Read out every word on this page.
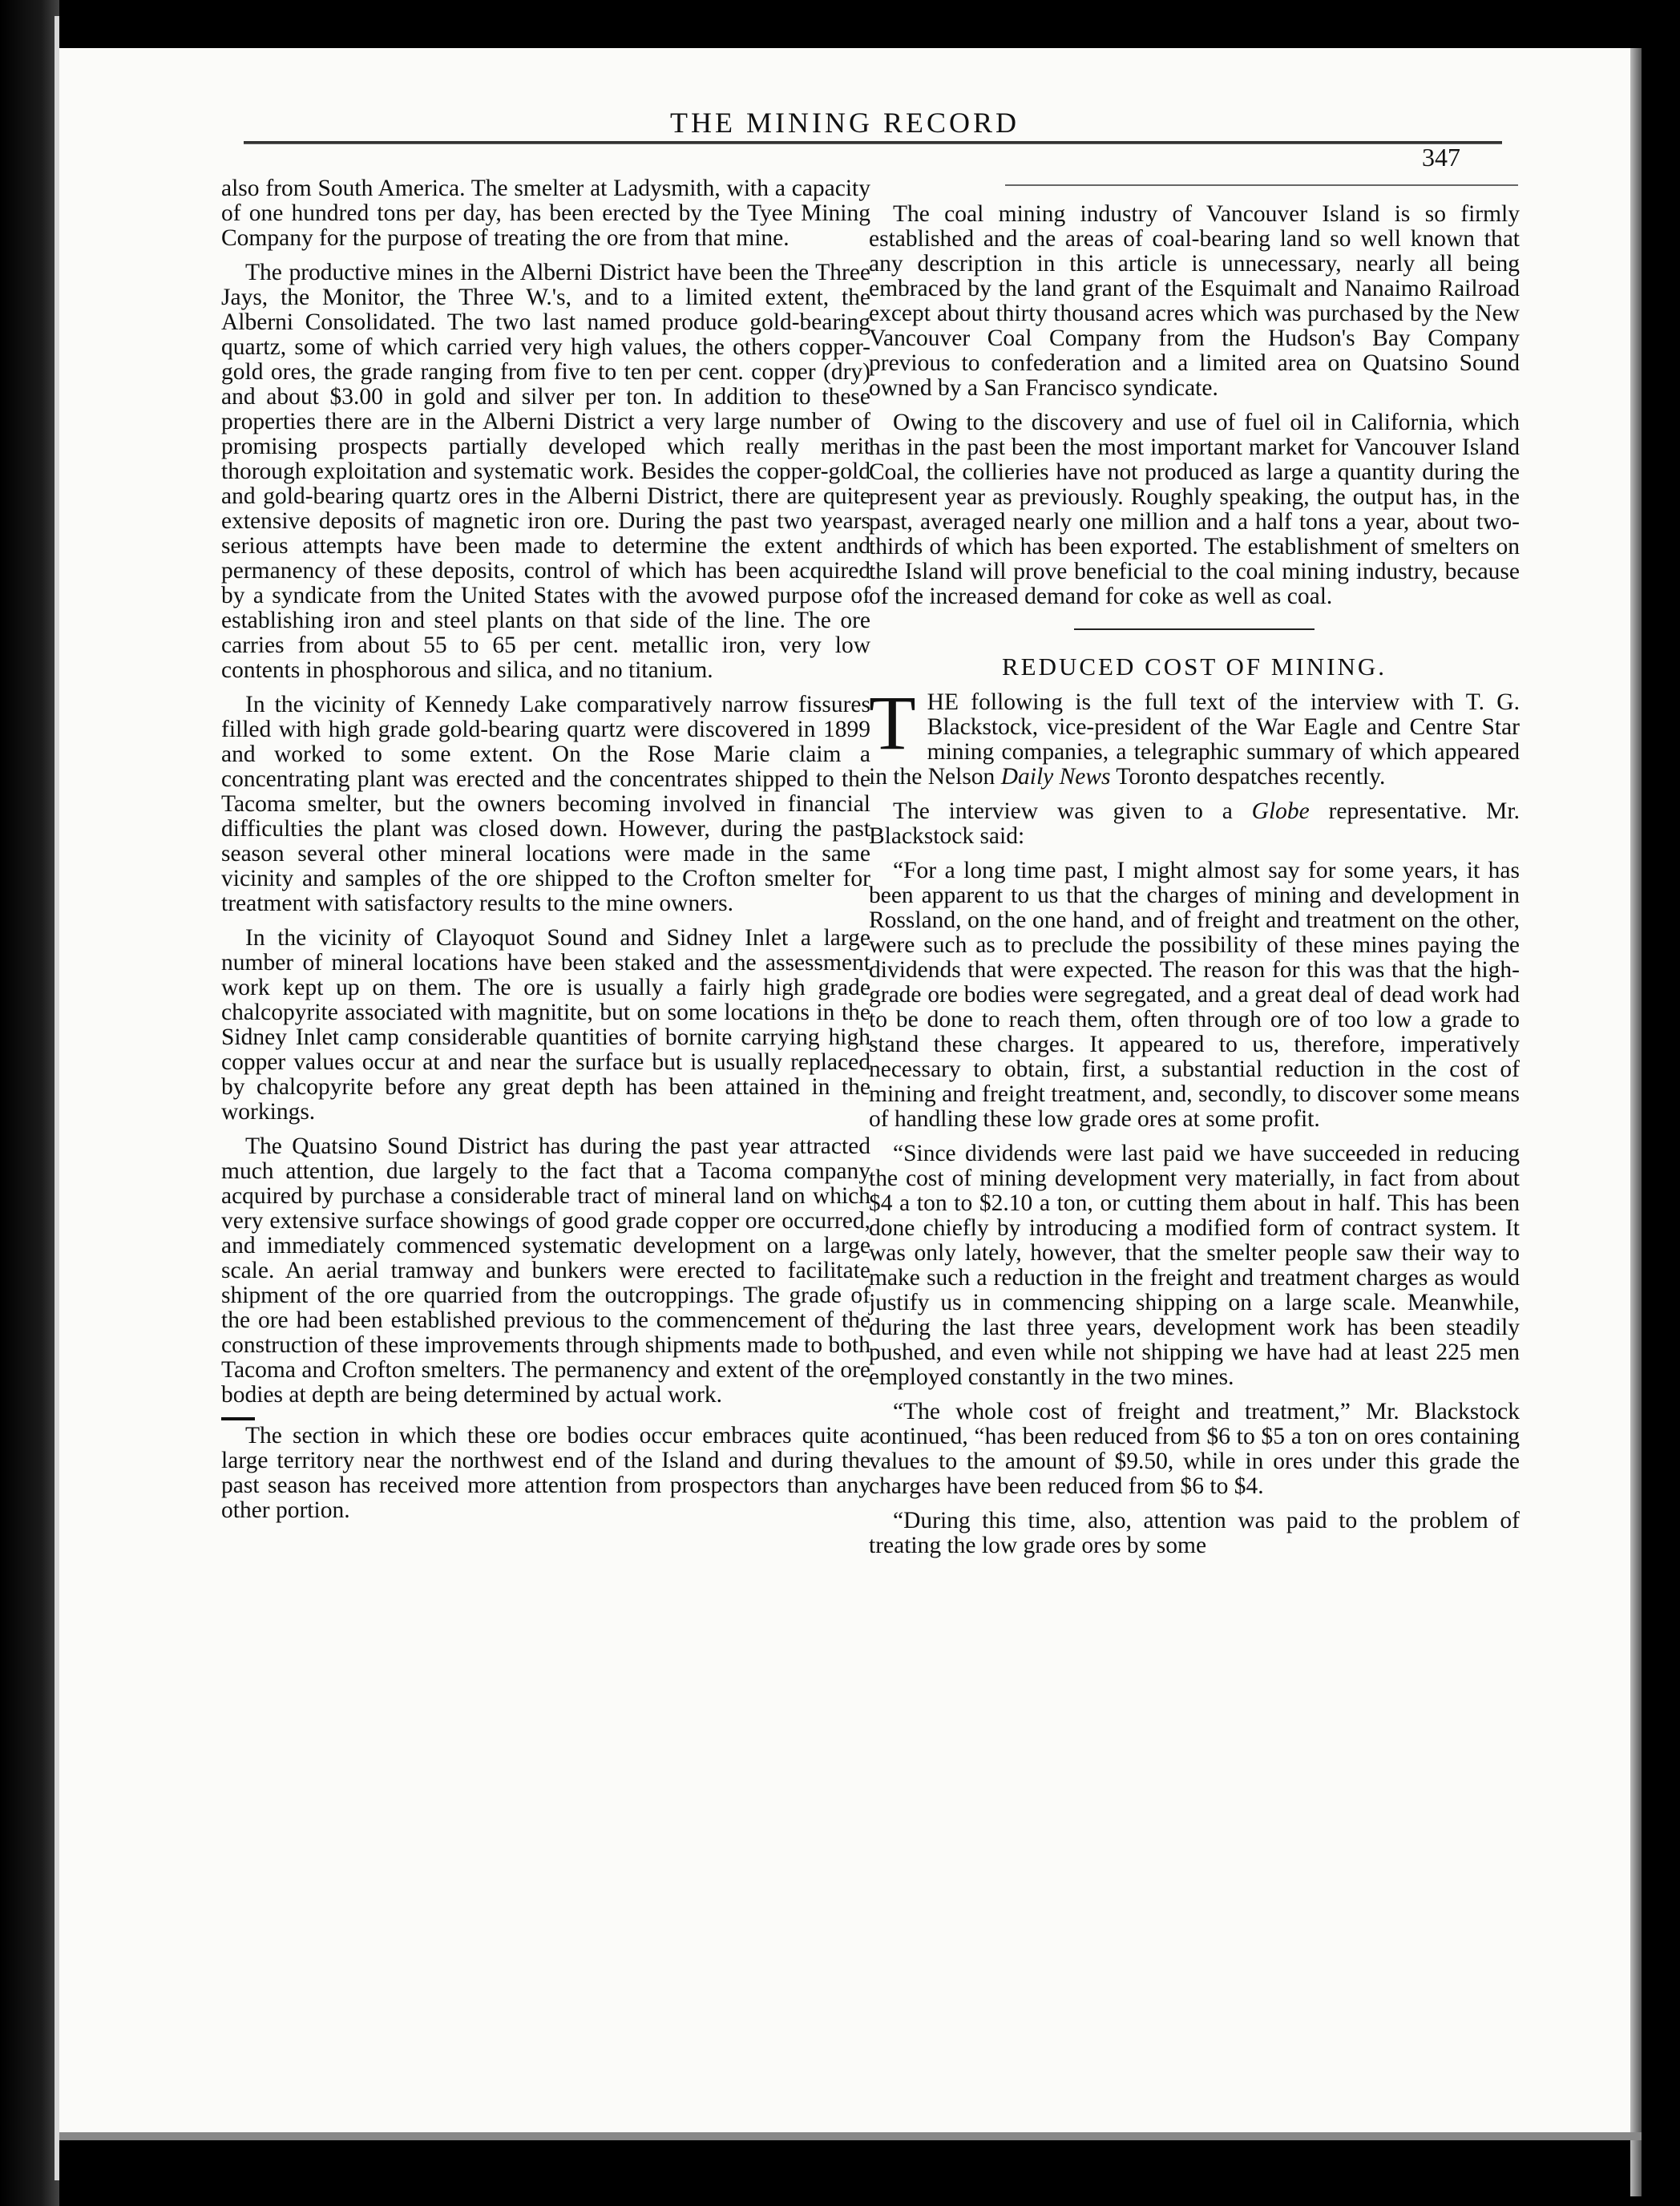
THE MINING RECORD
347

also from South America. The smelter at Ladysmith, with a capacity of one hundred tons per day, has been erected by the Tyee Mining Company for the purpose of treating the ore from that mine.

The productive mines in the Alberni District have been the Three Jays, the Monitor, the Three W.'s, and to a limited extent, the Alberni Consolidated. The two last named produce gold-bearing quartz, some of which carried very high values, the others copper-gold ores, the grade ranging from five to ten per cent. copper (dry) and about $3.00 in gold and silver per ton. In addition to these properties there are in the Alberni District a very large number of promising prospects partially developed which really merit thorough exploitation and systematic work. Besides the copper-gold and gold-bearing quartz ores in the Alberni District, there are quite extensive deposits of magnetic iron ore. During the past two years serious attempts have been made to determine the extent and permanency of these deposits, control of which has been acquired by a syndicate from the United States with the avowed purpose of establishing iron and steel plants on that side of the line. The ore carries from about 55 to 65 per cent. metallic iron, very low contents in phosphorous and silica, and no titanium.

In the vicinity of Kennedy Lake comparatively narrow fissures filled with high grade gold-bearing quartz were discovered in 1899 and worked to some extent. On the Rose Marie claim a concentrating plant was erected and the concentrates shipped to the Tacoma smelter, but the owners becoming involved in financial difficulties the plant was closed down. However, during the past season several other mineral locations were made in the same vicinity and samples of the ore shipped to the Crofton smelter for treatment with satisfactory results to the mine owners.

In the vicinity of Clayoquot Sound and Sidney Inlet a large number of mineral locations have been staked and the assessment work kept up on them. The ore is usually a fairly high grade chalcopyrite associated with magnitite, but on some locations in the Sidney Inlet camp considerable quantities of bornite carrying high copper values occur at and near the surface but is usually replaced by chalcopyrite before any great depth has been attained in the workings.

The Quatsino Sound District has during the past year attracted much attention, due largely to the fact that a Tacoma company acquired by purchase a considerable tract of mineral land on which very extensive surface showings of good grade copper ore occurred, and immediately commenced systematic development on a large scale. An aerial tramway and bunkers were erected to facilitate shipment of the ore quarried from the outcroppings. The grade of the ore had been established previous to the commencement of the construction of these improvements through shipments made to both Tacoma and Crofton smelters. The permanency and extent of the ore bodies at depth are being determined by actual work.

The section in which these ore bodies occur embraces quite a large territory near the northwest end of the Island and during the past season has received more attention from prospectors than any other portion.

The coal mining industry of Vancouver Island is so firmly established and the areas of coal-bearing land so well known that any description in this article is unnecessary, nearly all being embraced by the land grant of the Esquimalt and Nanaimo Railroad except about thirty thousand acres which was purchased by the New Vancouver Coal Company from the Hudson's Bay Company previous to confederation and a limited area on Quatsino Sound owned by a San Francisco syndicate.

Owing to the discovery and use of fuel oil in California, which has in the past been the most important market for Vancouver Island Coal, the collieries have not produced as large a quantity during the present year as previously. Roughly speaking, the output has, in the past, averaged nearly one million and a half tons a year, about two-thirds of which has been exported. The establishment of smelters on the Island will prove beneficial to the coal mining industry, because of the increased demand for coke as well as coal.

REDUCED COST OF MINING.

THE following is the full text of the interview with T. G. Blackstock, vice-president of the War Eagle and Centre Star mining companies, a telegraphic summary of which appeared in the Nelson Daily News Toronto despatches recently.

The interview was given to a Globe representative. Mr. Blackstock said:

“For a long time past, I might almost say for some years, it has been apparent to us that the charges of mining and development in Rossland, on the one hand, and of freight and treatment on the other, were such as to preclude the possibility of these mines paying the dividends that were expected. The reason for this was that the high-grade ore bodies were segregated, and a great deal of dead work had to be done to reach them, often through ore of too low a grade to stand these charges. It appeared to us, therefore, imperatively necessary to obtain, first, a substantial reduction in the cost of mining and freight treatment, and, secondly, to discover some means of handling these low grade ores at some profit.

“Since dividends were last paid we have succeeded in reducing the cost of mining development very materially, in fact from about $4 a ton to $2.10 a ton, or cutting them about in half. This has been done chiefly by introducing a modified form of contract system. It was only lately, however, that the smelter people saw their way to make such a reduction in the freight and treatment charges as would justify us in commencing shipping on a large scale. Meanwhile, during the last three years, development work has been steadily pushed, and even while not shipping we have had at least 225 men employed constantly in the two mines.

“The whole cost of freight and treatment,” Mr. Blackstock continued, “has been reduced from $6 to $5 a ton on ores containing values to the amount of $9.50, while in ores under this grade the charges have been reduced from $6 to $4.

“During this time, also, attention was paid to the problem of treating the low grade ores by some
